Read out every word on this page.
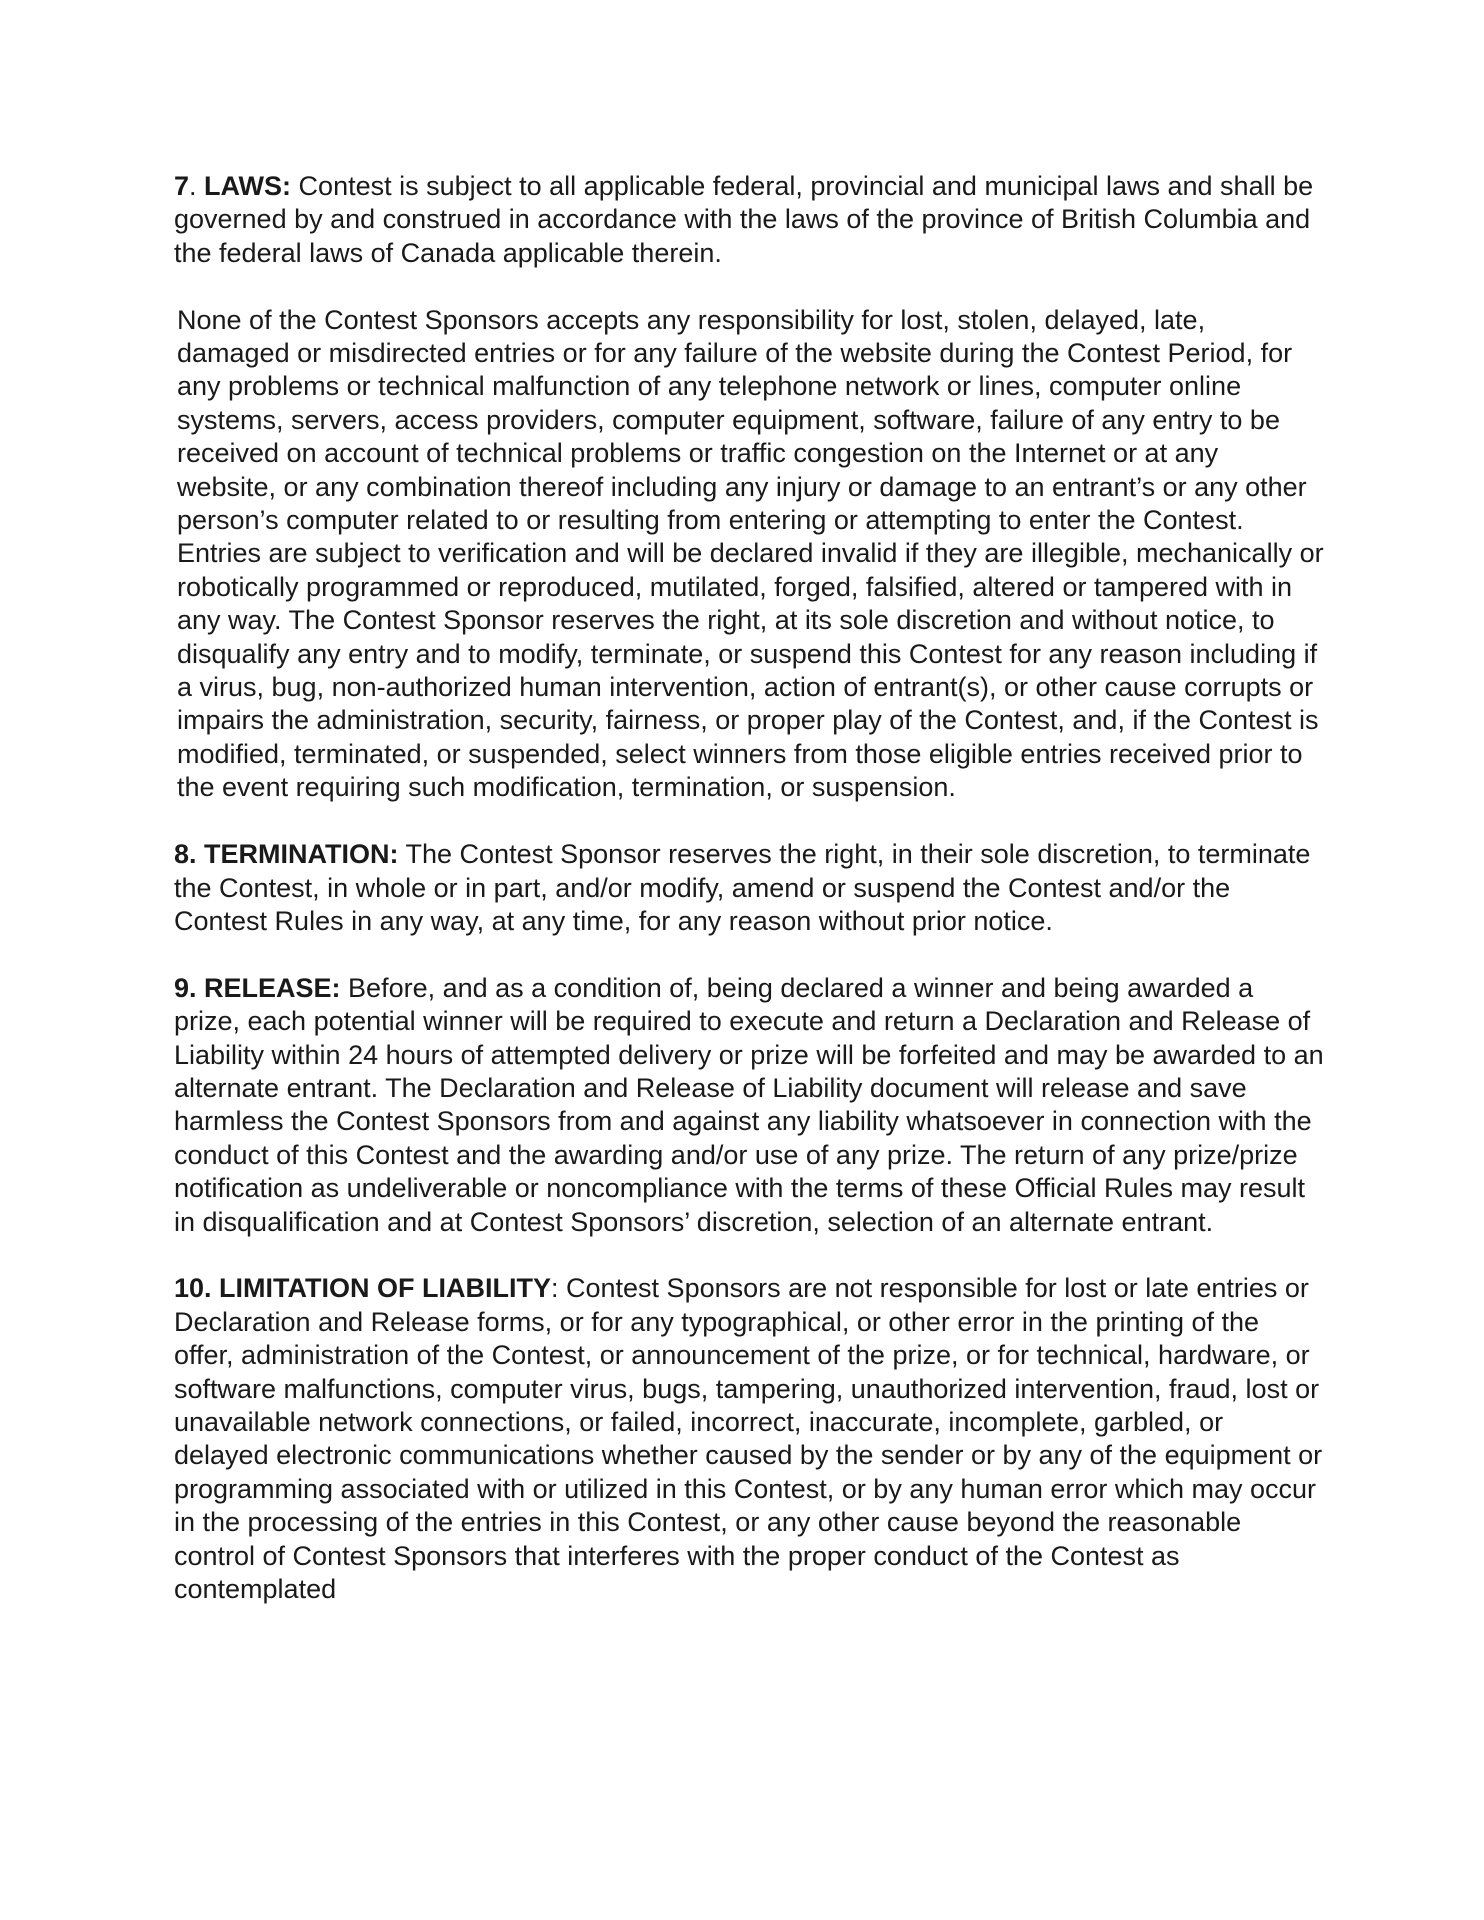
7. LAWS: Contest is subject to all applicable federal, provincial and municipal laws and shall be governed by and construed in accordance with the laws of the province of British Columbia and the federal laws of Canada applicable therein.

None of the Contest Sponsors accepts any responsibility for lost, stolen, delayed, late, damaged or misdirected entries or for any failure of the website during the Contest Period, for any problems or technical malfunction of any telephone network or lines, computer online systems, servers, access providers, computer equipment, software, failure of any entry to be received on account of technical problems or traffic congestion on the Internet or at any website, or any combination thereof including any injury or damage to an entrant’s or any other person’s computer related to or resulting from entering or attempting to enter the Contest. Entries are subject to verification and will be declared invalid if they are illegible, mechanically or robotically programmed or reproduced, mutilated, forged, falsified, altered or tampered with in any way. The Contest Sponsor reserves the right, at its sole discretion and without notice, to disqualify any entry and to modify, terminate, or suspend this Contest for any reason including if a virus, bug, non-authorized human intervention, action of entrant(s), or other cause corrupts or impairs the administration, security, fairness, or proper play of the Contest, and, if the Contest is modified, terminated, or suspended, select winners from those eligible entries received prior to the event requiring such modification, termination, or suspension.

8. TERMINATION: The Contest Sponsor reserves the right, in their sole discretion, to terminate the Contest, in whole or in part, and/or modify, amend or suspend the Contest and/or the Contest Rules in any way, at any time, for any reason without prior notice.

9. RELEASE: Before, and as a condition of, being declared a winner and being awarded a prize, each potential winner will be required to execute and return a Declaration and Release of Liability within 24 hours of attempted delivery or prize will be forfeited and may be awarded to an alternate entrant. The Declaration and Release of Liability document will release and save harmless the Contest Sponsors from and against any liability whatsoever in connection with the conduct of this Contest and the awarding and/or use of any prize. The return of any prize/prize notification as undeliverable or noncompliance with the terms of these Official Rules may result in disqualification and at Contest Sponsors’ discretion, selection of an alternate entrant.

10. LIMITATION OF LIABILITY: Contest Sponsors are not responsible for lost or late entries or Declaration and Release forms, or for any typographical, or other error in the printing of the offer, administration of the Contest, or announcement of the prize, or for technical, hardware, or software malfunctions, computer virus, bugs, tampering, unauthorized intervention, fraud, lost or unavailable network connections, or failed, incorrect, inaccurate, incomplete, garbled, or delayed electronic communications whether caused by the sender or by any of the equipment or programming associated with or utilized in this Contest, or by any human error which may occur in the processing of the entries in this Contest, or any other cause beyond the reasonable control of Contest Sponsors that interferes with the proper conduct of the Contest as contemplated
